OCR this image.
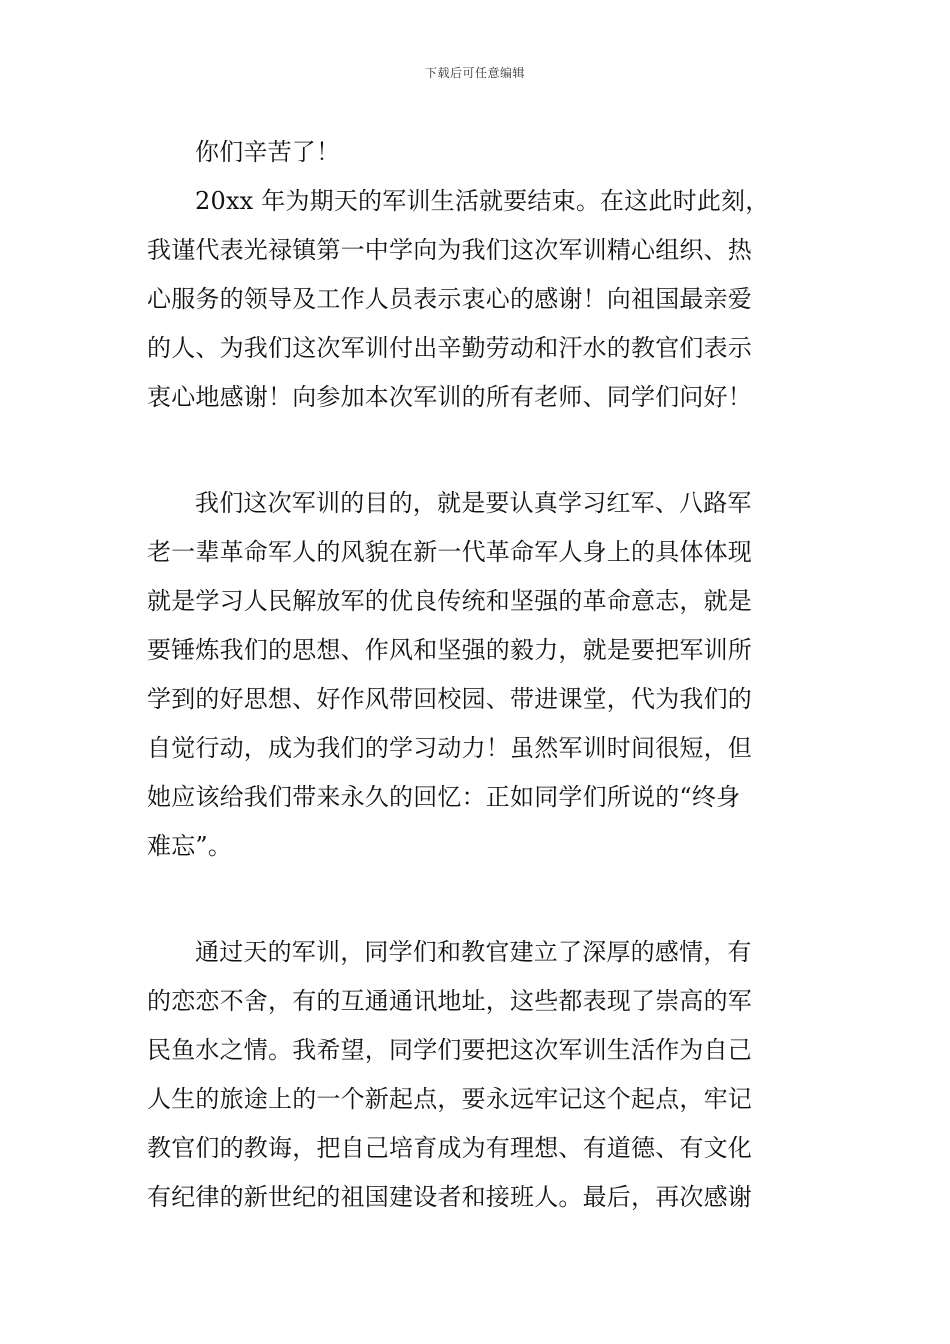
下载后可任意编辑
你们辛苦了！
20xx 年为期天的军训生活就要结束。在这此时此刻，
我谨代表光禄镇第一中学向为我们这次军训精心组织、热
心服务的领导及工作人员表示衷心的感谢！向祖国最亲爱
的人、为我们这次军训付出辛勤劳动和汗水的教官们表示
衷心地感谢！向参加本次军训的所有老师、同学们问好！
我们这次军训的目的，就是要认真学习红军、八路军
老一辈革命军人的风貌在新一代革命军人身上的具体体现
就是学习人民解放军的优良传统和坚强的革命意志，就是
要锤炼我们的思想、作风和坚强的毅力，就是要把军训所
学到的好思想、好作风带回校园、带进课堂，代为我们的
自觉行动，成为我们的学习动力！虽然军训时间很短，但
她应该给我们带来永久的回忆：正如同学们所说的“终身
难忘”。
通过天的军训，同学们和教官建立了深厚的感情，有
的恋恋不舍，有的互通通讯地址，这些都表现了崇高的军
民鱼水之情。我希望，同学们要把这次军训生活作为自己
人生的旅途上的一个新起点，要永远牢记这个起点，牢记
教官们的教诲，把自己培育成为有理想、有道德、有文化
有纪律的新世纪的祖国建设者和接班人。最后，再次感谢
